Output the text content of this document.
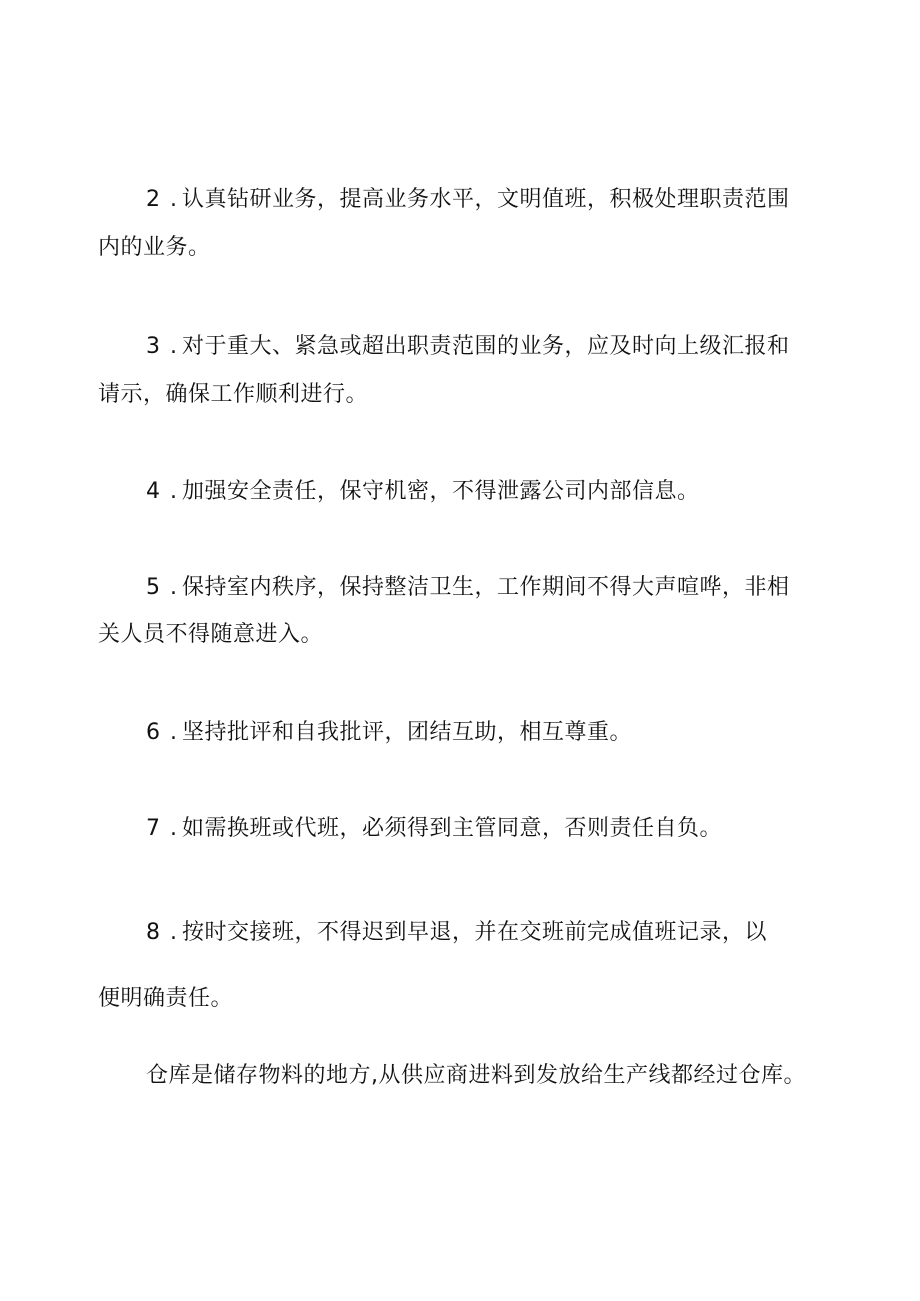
2 . 认真钻研业务，提高业务水平，文明值班，积极处理职责范围
内的业务。
3 . 对于重大、紧急或超出职责范围的业务，应及时向上级汇报和
请示，确保工作顺利进行。
4 . 加强安全责任，保守机密，不得泄露公司内部信息。
5 . 保持室内秩序，保持整洁卫生，工作期间不得大声喧哗，非相
关人员不得随意进入。
6 . 坚持批评和自我批评，团结互助，相互尊重。
7 . 如需换班或代班，必须得到主管同意，否则责任自负。
8 . 按时交接班，不得迟到早退，并在交班前完成值班记录，以
便明确责任。
仓库是储存物料的地方,从供应商进料到发放给生产线都经过仓库。
